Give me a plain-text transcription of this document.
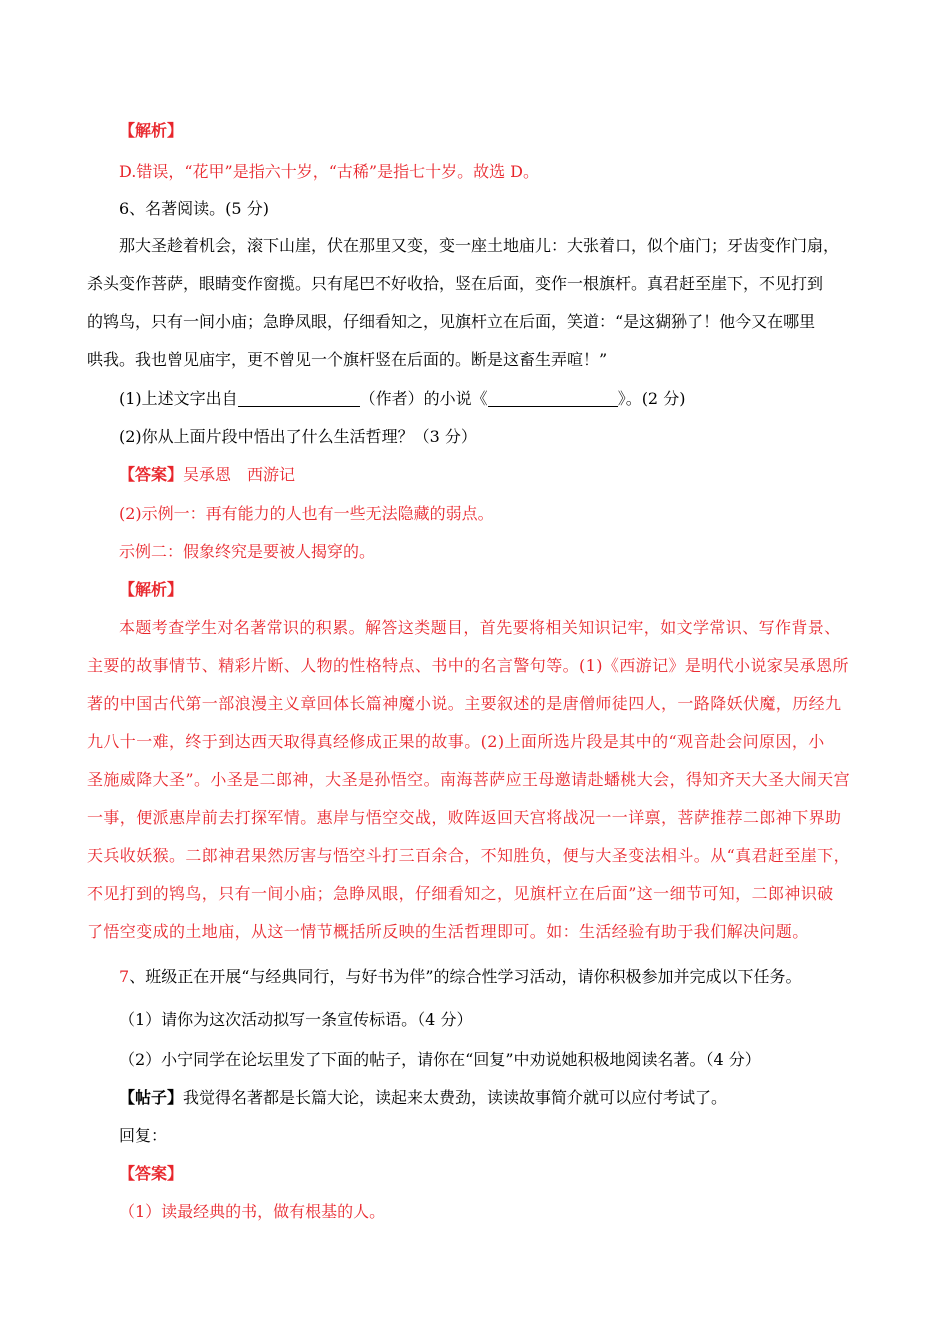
【解析】
D.错误，“花甲”是指六十岁，“古稀”是指七十岁。故选 D。
6、名著阅读。(5 分)
那大圣趁着机会，滚下山崖，伏在那里又变，变一座土地庙儿：大张着口，似个庙门；牙齿变作门扇，
杀头变作菩萨，眼睛变作窗揽。只有尾巴不好收拾，竖在后面，变作一根旗杆。真君赶至崖下，不见打到
的鸨鸟，只有一间小庙；急睁凤眼，仔细看知之，见旗杆立在后面，笑道：“是这猢狲了！他今又在哪里
哄我。我也曾见庙宇，更不曾见一个旗杆竖在后面的。断是这畜生弄喧！”
(1)上述文字出自	（作者）的小说《	》。(2 分)
(2)你从上面片段中悟出了什么生活哲理？（3 分）
【答案】吴承恩　西游记
(2)示例一：再有能力的人也有一些无法隐藏的弱点。
示例二：假象终究是要被人揭穿的。
【解析】
本题考查学生对名著常识的积累。解答这类题目，首先要将相关知识记牢，如文学常识、写作背景、
主要的故事情节、精彩片断、人物的性格特点、书中的名言警句等。(1)《西游记》是明代小说家吴承恩所
著的中国古代第一部浪漫主义章回体长篇神魔小说。主要叙述的是唐僧师徒四人，一路降妖伏魔，历经九
九八十一难，终于到达西天取得真经修成正果的故事。(2)上面所选片段是其中的“观音赴会问原因，小
圣施威降大圣”。小圣是二郎神，大圣是孙悟空。南海菩萨应王母邀请赴蟠桃大会，得知齐天大圣大闹天宫
一事，便派惠岸前去打探军情。惠岸与悟空交战，败阵返回天宫将战况一一详禀，菩萨推荐二郎神下界助
天兵收妖猴。二郎神君果然厉害与悟空斗打三百余合，不知胜负，便与大圣变法相斗。从“真君赶至崖下，
不见打到的鸨鸟，只有一间小庙；急睁凤眼，仔细看知之，见旗杆立在后面”这一细节可知，二郎神识破
了悟空变成的土地庙，从这一情节概括所反映的生活哲理即可。如：生活经验有助于我们解决问题。
7、班级正在开展“与经典同行，与好书为伴”的综合性学习活动，请你积极参加并完成以下任务。
（1）请你为这次活动拟写一条宣传标语。（4 分）
（2）小宁同学在论坛里发了下面的帖子，请你在“回复”中劝说她积极地阅读名著。（4 分）
【帖子】我觉得名著都是长篇大论，读起来太费劲，读读故事简介就可以应付考试了。
回复：
【答案】
（1）读最经典的书，做有根基的人。
